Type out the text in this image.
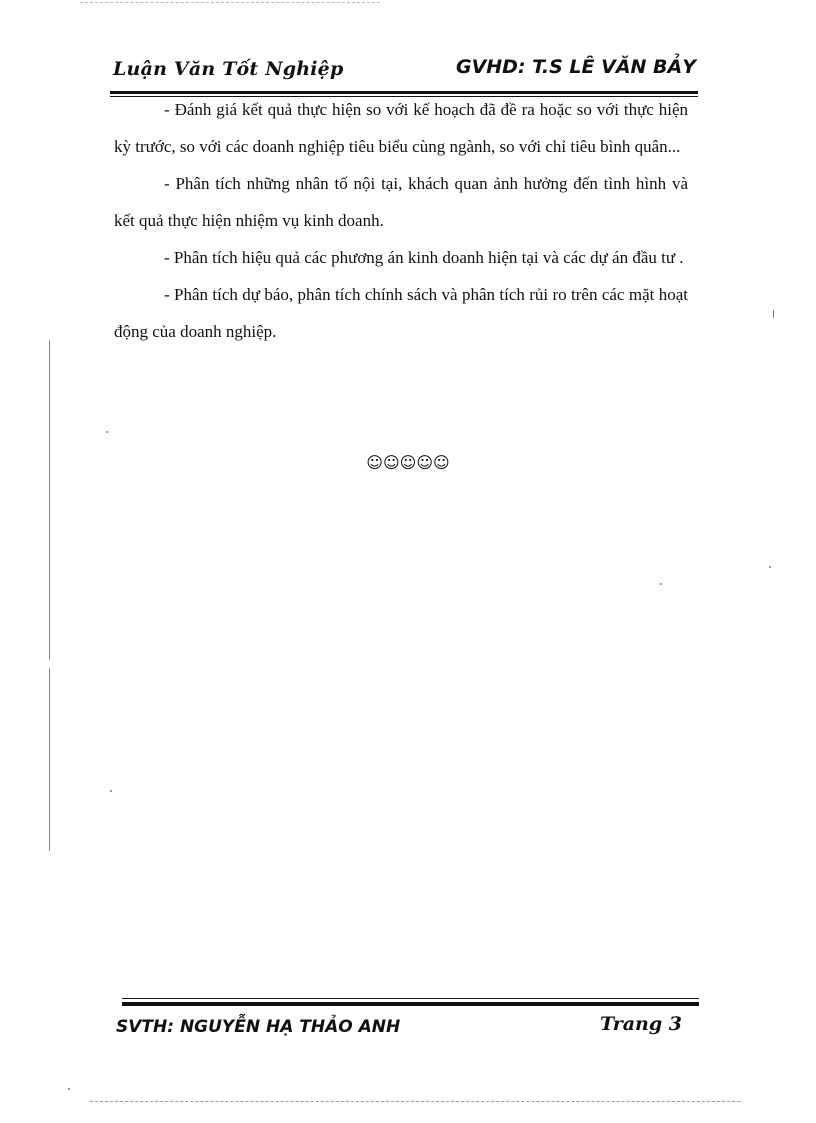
Luận Văn Tốt Nghiệp	GVHD: T.S LÊ VĂN BẢY

- Đánh giá kết quả thực hiện so với kế hoạch đã đề ra hoặc so với thực hiện kỳ trước, so với các doanh nghiệp tiêu biểu cùng ngành, so với chỉ tiêu bình quân...

- Phân tích những nhân tố nội tại, khách quan ảnh hưởng đến tình hình và kết quả thực hiện nhiệm vụ kinh doanh.

- Phân tích hiệu quả các phương án kinh doanh hiện tại và các dự án đầu tư .

- Phân tích dự báo, phân tích chính sách và phân tích rủi ro trên các mặt hoạt động của doanh nghiệp.

☺☺☺☺☺
SVTH: NGUYỄN HẠ THẢO ANH	Trang 3
